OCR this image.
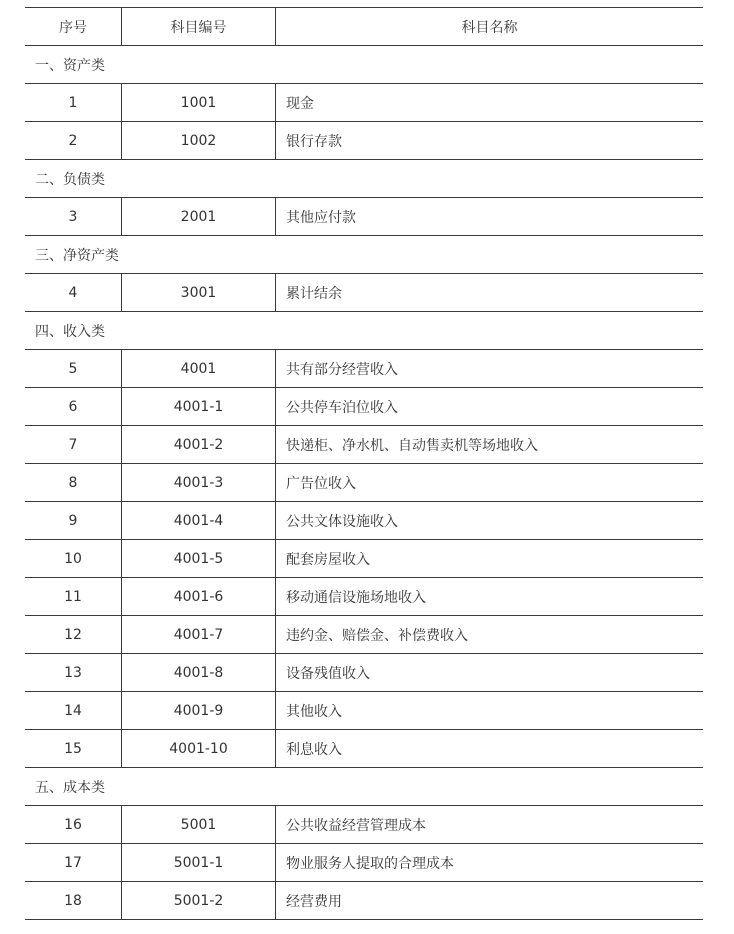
序号	科目编号	科目名称
一、资产类		
1	1001	现金
2	1002	银行存款
二、负债类		
3	2001	其他应付款
三、净资产类		
4	3001	累计结余
四、收入类		
5	4001	共有部分经营收入
6	4001-1	公共停车泊位收入
7	4001-2	快递柜、净水机、自动售卖机等场地收入
8	4001-3	广告位收入
9	4001-4	公共文体设施收入
10	4001-5	配套房屋收入
11	4001-6	移动通信设施场地收入
12	4001-7	违约金、赔偿金、补偿费收入
13	4001-8	设备残值收入
14	4001-9	其他收入
15	4001-10	利息收入
五、成本类		
16	5001	公共收益经营管理成本
17	5001-1	物业服务人提取的合理成本
18	5001-2	经营费用
